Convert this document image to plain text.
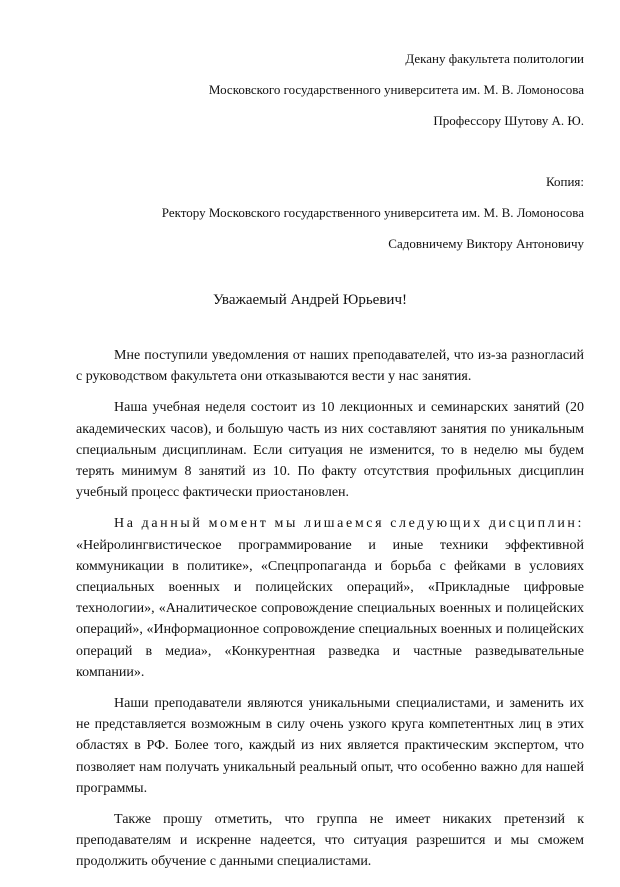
Декану факультета политологии
Московского государственного университета им. М. В. Ломоносова
Профессору Шутову А. Ю.
Копия:
Ректору Московского государственного университета им. М. В. Ломоносова
Садовничему Виктору Антоновичу
Уважаемый Андрей Юрьевич!

Мне поступили уведомления от наших преподавателей, что из-за разногласий с руководством факультета они отказываются вести у нас занятия.

Наша учебная неделя состоит из 10 лекционных и семинарских занятий (20 академических часов), и большую часть из них составляют занятия по уникальным специальным дисциплинам. Если ситуация не изменится, то в неделю мы будем терять минимум 8 занятий из 10. По факту отсутствия профильных дисциплин учебный процесс фактически приостановлен.

На данный момент мы лишаемся следующих дисциплин: «Нейролингвистическое программирование и иные техники эффективной коммуникации в политике», «Спецпропаганда и борьба с фейками в условиях специальных военных и полицейских операций», «Прикладные цифровые технологии», «Аналитическое сопровождение специальных военных и полицейских операций», «Информационное сопровождение специальных военных и полицейских операций в медиа», «Конкурентная разведка и частные разведывательные компании».

Наши преподаватели являются уникальными специалистами, и заменить их не представляется возможным в силу очень узкого круга компетентных лиц в этих областях в РФ. Более того, каждый из них является практическим экспертом, что позволяет нам получать уникальный реальный опыт, что особенно важно для нашей программы.

Также прошу отметить, что группа не имеет никаких претензий к преподавателям и искренне надеется, что ситуация разрешится и мы сможем продолжить обучение с данными специалистами.
